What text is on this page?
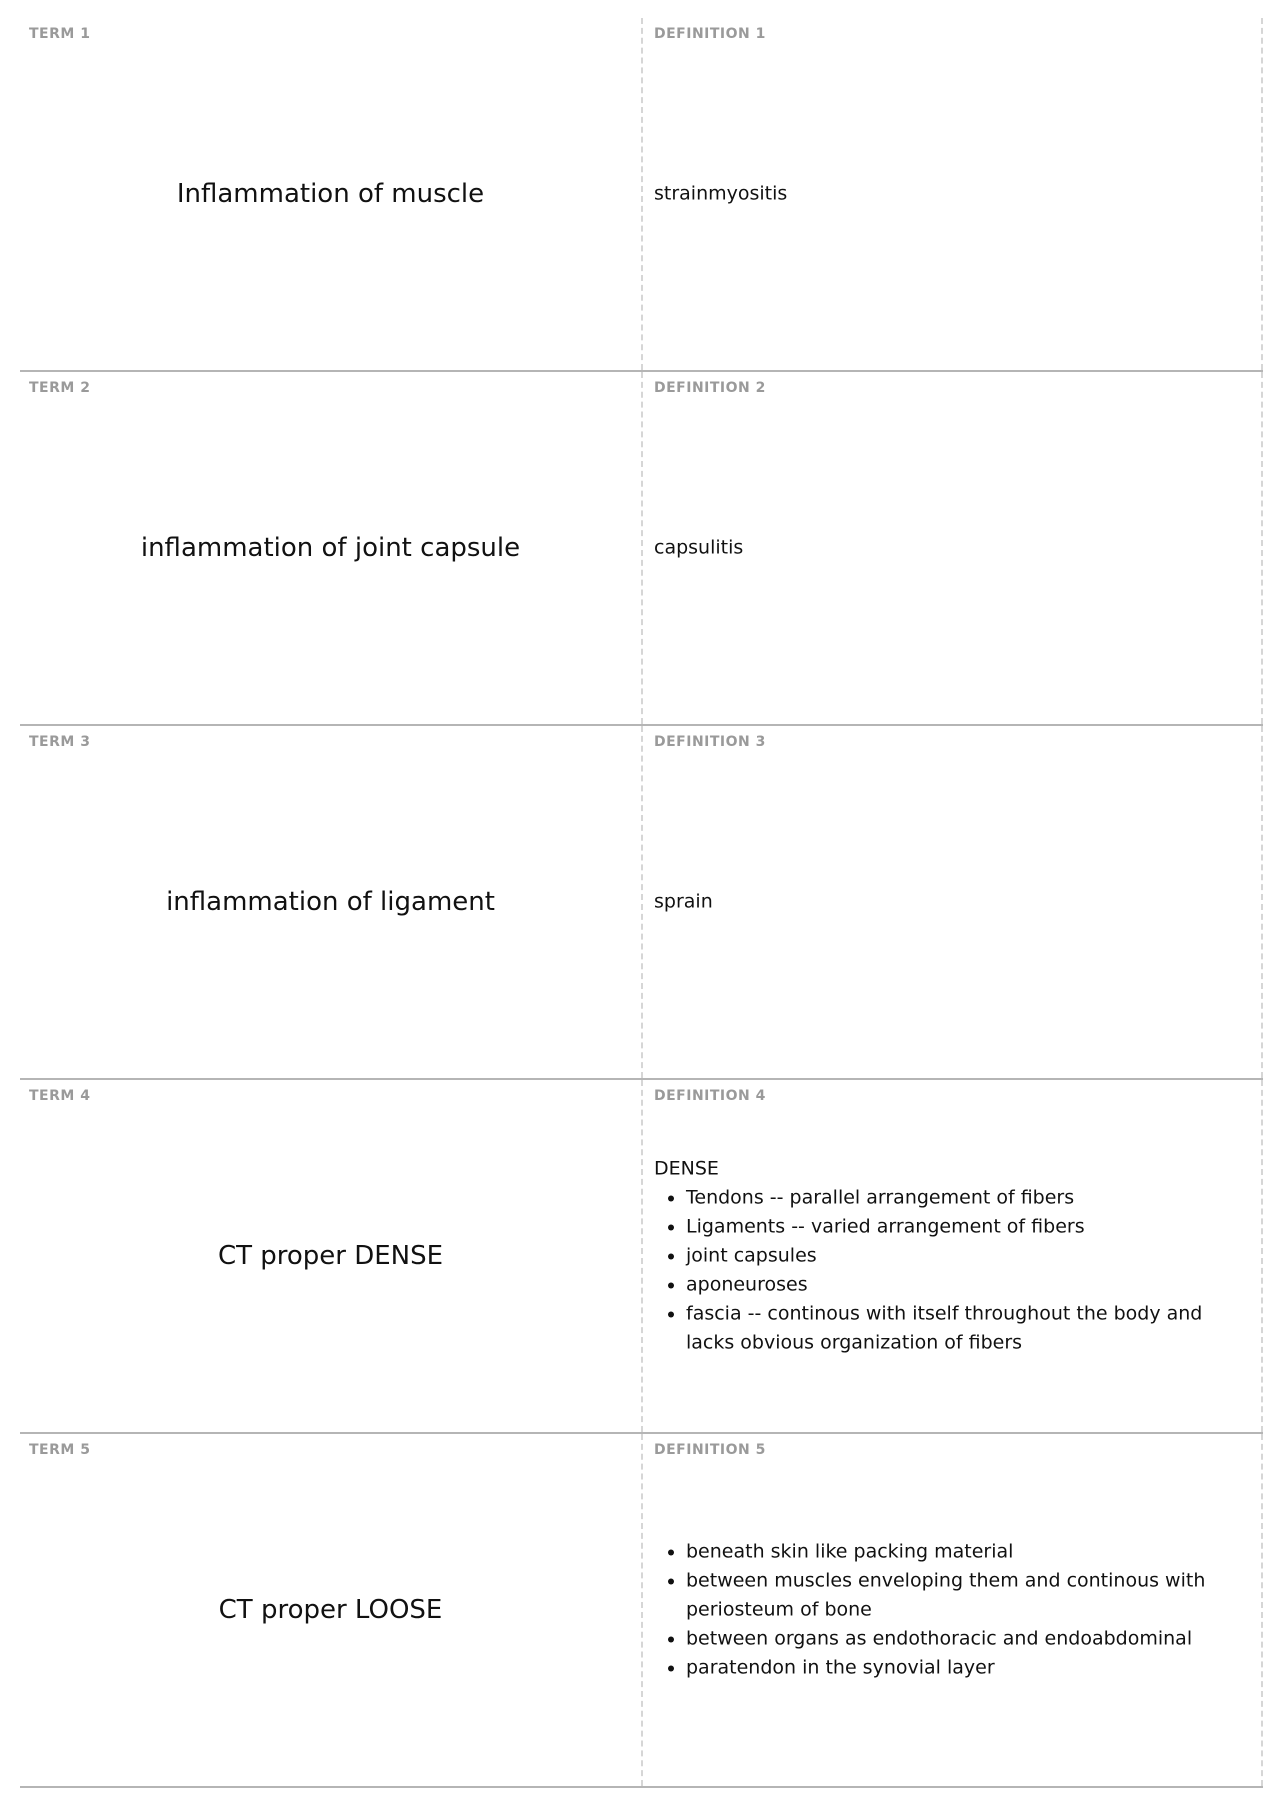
TERM 1
Inflammation of muscle
DEFINITION 1
strainmyositis
TERM 2
inflammation of joint capsule
DEFINITION 2
capsulitis
TERM 3
inflammation of ligament
DEFINITION 3
sprain
TERM 4
CT proper DENSE
DEFINITION 4
DENSE
• Tendons -- parallel arrangement of fibers
• Ligaments -- varied arrangement of fibers
• joint capsules
• aponeuroses
• fascia -- continous with itself throughout the body and lacks obvious organization of fibers
TERM 5
CT proper LOOSE
DEFINITION 5
• beneath skin like packing material
• between muscles enveloping them and continous with periosteum of bone
• between organs as endothoracic and endoabdominal
• paratendon in the synovial layer
